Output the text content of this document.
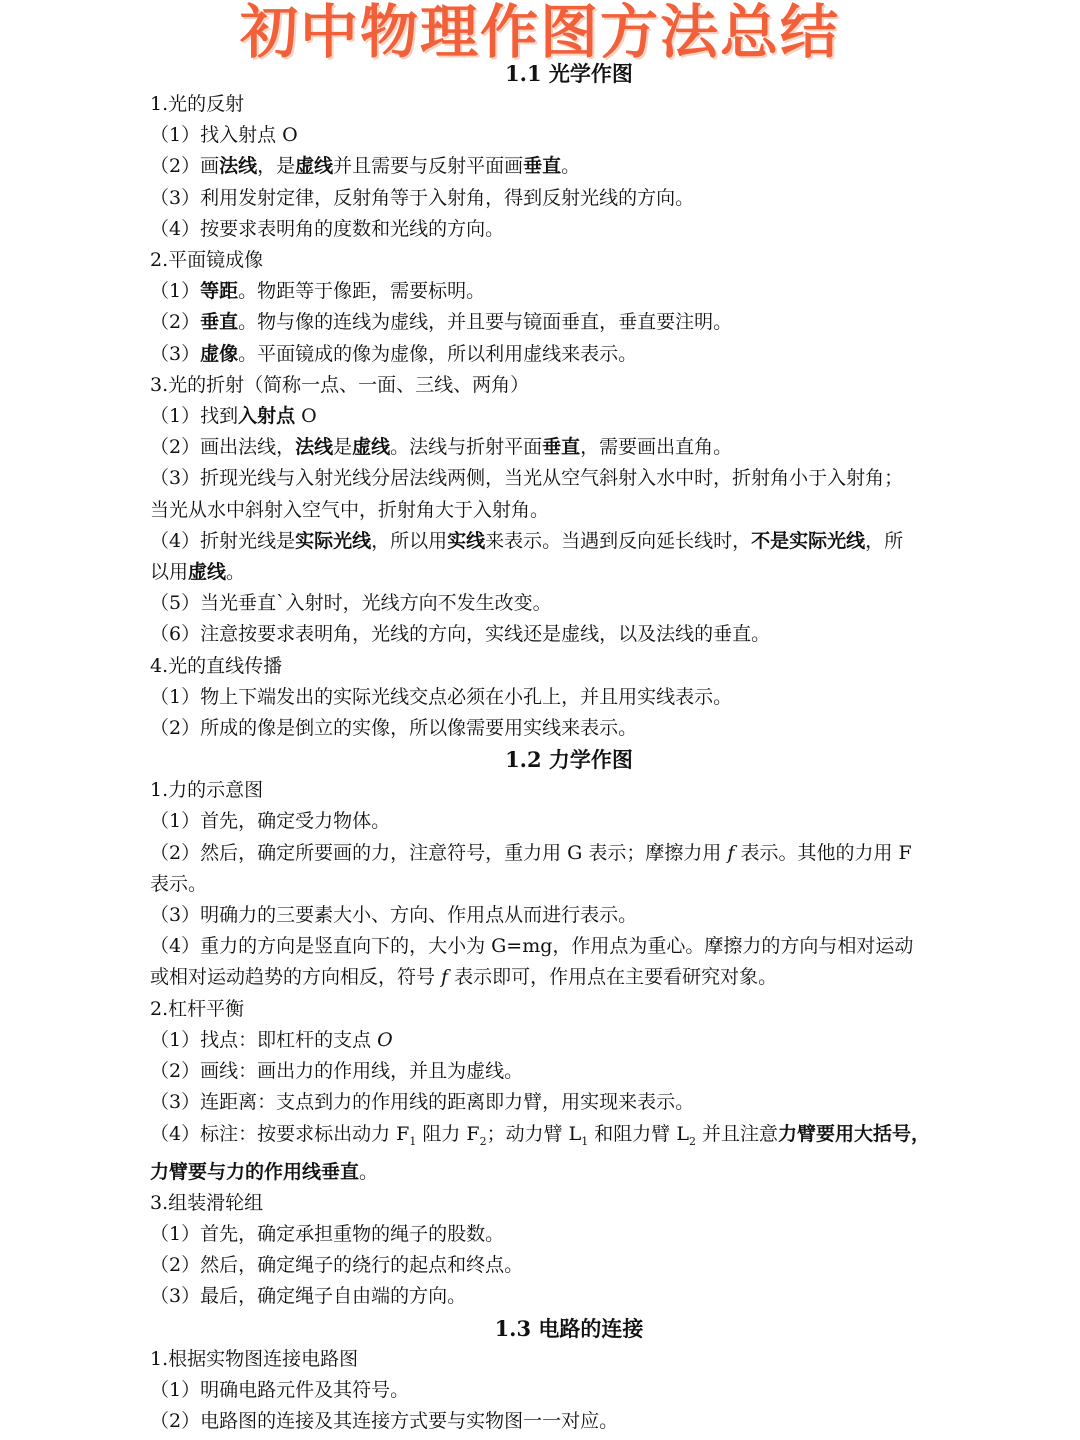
初中物理作图方法总结
1.1 光学作图
1.光的反射
（1）找入射点 O
（2）画法线，是虚线并且需要与反射平面画垂直。
（3）利用发射定律，反射角等于入射角，得到反射光线的方向。
（4）按要求表明角的度数和光线的方向。
2.平面镜成像
（1）等距。物距等于像距，需要标明。
（2）垂直。物与像的连线为虚线，并且要与镜面垂直，垂直要注明。
（3）虚像。平面镜成的像为虚像，所以利用虚线来表示。
3.光的折射（简称一点、一面、三线、两角）
（1）找到入射点 O
（2）画出法线，法线是虚线。法线与折射平面垂直，需要画出直角。
（3）折现光线与入射光线分居法线两侧，当光从空气斜射入水中时，折射角小于入射角；
当光从水中斜射入空气中，折射角大于入射角。
（4）折射光线是实际光线，所以用实线来表示。当遇到反向延长线时，不是实际光线，所
以用虚线。
（5）当光垂直`入射时，光线方向不发生改变。
（6）注意按要求表明角，光线的方向，实线还是虚线，以及法线的垂直。
4.光的直线传播
（1）物上下端发出的实际光线交点必须在小孔上，并且用实线表示。
（2）所成的像是倒立的实像，所以像需要用实线来表示。
1.2 力学作图
1.力的示意图
（1）首先，确定受力物体。
（2）然后，确定所要画的力，注意符号，重力用 G 表示；摩擦力用 f 表示。其他的力用 F
表示。
（3）明确力的三要素大小、方向、作用点从而进行表示。
（4）重力的方向是竖直向下的，大小为 G=mg，作用点为重心。摩擦力的方向与相对运动
或相对运动趋势的方向相反，符号 f 表示即可，作用点在主要看研究对象。
2.杠杆平衡
（1）找点：即杠杆的支点 O
（2）画线：画出力的作用线，并且为虚线。
（3）连距离：支点到力的作用线的距离即力臂，用实现来表示。
（4）标注：按要求标出动力 $F_1$ 阻力 $F_2$；动力臂 $L_1$ 和阻力臂 $L_2$ 并且注意力臂要用大括号，
力臂要与力的作用线垂直。
3.组装滑轮组
（1）首先，确定承担重物的绳子的股数。
（2）然后，确定绳子的绕行的起点和终点。
（3）最后，确定绳子自由端的方向。
1.3 电路的连接
1.根据实物图连接电路图
（1）明确电路元件及其符号。
（2）电路图的连接及其连接方式要与实物图一一对应。
